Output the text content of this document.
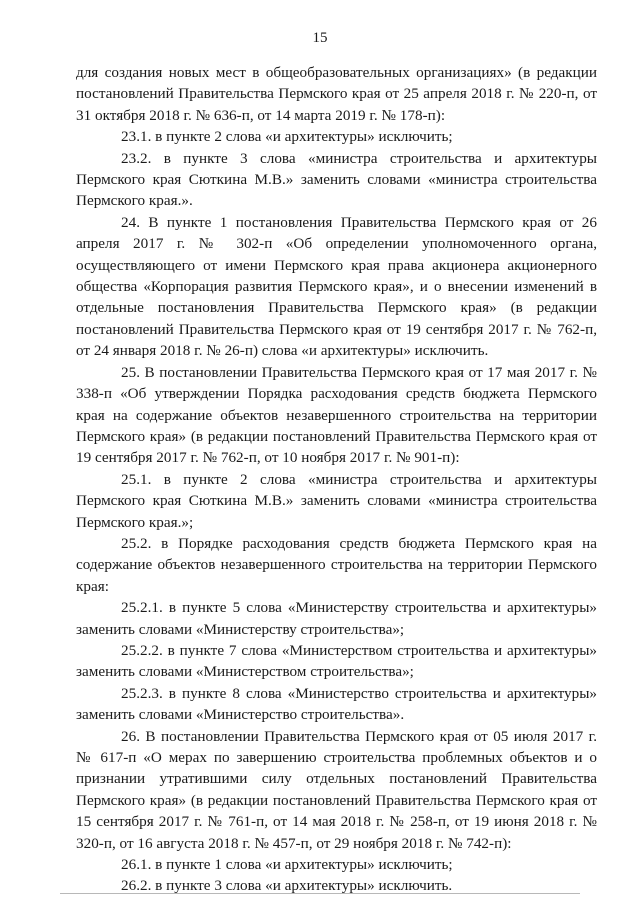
15

для создания новых мест в общеобразовательных организациях» (в редакции постановлений Правительства Пермского края от 25 апреля 2018 г. № 220-п, от 31 октября 2018 г. № 636-п, от 14 марта 2019 г. № 178-п):

23.1. в пункте 2 слова «и архитектуры» исключить;

23.2. в пункте 3 слова «министра строительства и архитектуры Пермского края Сюткина М.В.» заменить словами «министра строительства Пермского края.».

24. В пункте 1 постановления Правительства Пермского края от 26 апреля 2017 г. № 302-п «Об определении уполномоченного органа, осуществляющего от имени Пермского края права акционера акционерного общества «Корпорация развития Пермского края», и о внесении изменений в отдельные постановления Правительства Пермского края» (в редакции постановлений Правительства Пермского края от 19 сентября 2017 г. № 762-п, от 24 января 2018 г. № 26-п) слова «и архитектуры» исключить.

25. В постановлении Правительства Пермского края от 17 мая 2017 г. № 338-п «Об утверждении Порядка расходования средств бюджета Пермского края на содержание объектов незавершенного строительства на территории Пермского края» (в редакции постановлений Правительства Пермского края от 19 сентября 2017 г. № 762-п, от 10 ноября 2017 г. № 901-п):

25.1. в пункте 2 слова «министра строительства и архитектуры Пермского края Сюткина М.В.» заменить словами «министра строительства Пермского края.»;

25.2. в Порядке расходования средств бюджета Пермского края на содержание объектов незавершенного строительства на территории Пермского края:

25.2.1. в пункте 5 слова «Министерству строительства и архитектуры» заменить словами «Министерству строительства»;

25.2.2. в пункте 7 слова «Министерством строительства и архитектуры» заменить словами «Министерством строительства»;

25.2.3. в пункте 8 слова «Министерство строительства и архитектуры» заменить словами «Министерство строительства».

26. В постановлении Правительства Пермского края от 05 июля 2017 г. № 617-п «О мерах по завершению строительства проблемных объектов и о признании утратившими силу отдельных постановлений Правительства Пермского края» (в редакции постановлений Правительства Пермского края от 15 сентября 2017 г. № 761-п, от 14 мая 2018 г. № 258-п, от 19 июня 2018 г. № 320-п, от 16 августа 2018 г. № 457-п, от 29 ноября 2018 г. № 742-п):

26.1. в пункте 1 слова «и архитектуры» исключить;

26.2. в пункте 3 слова «и архитектуры» исключить.
